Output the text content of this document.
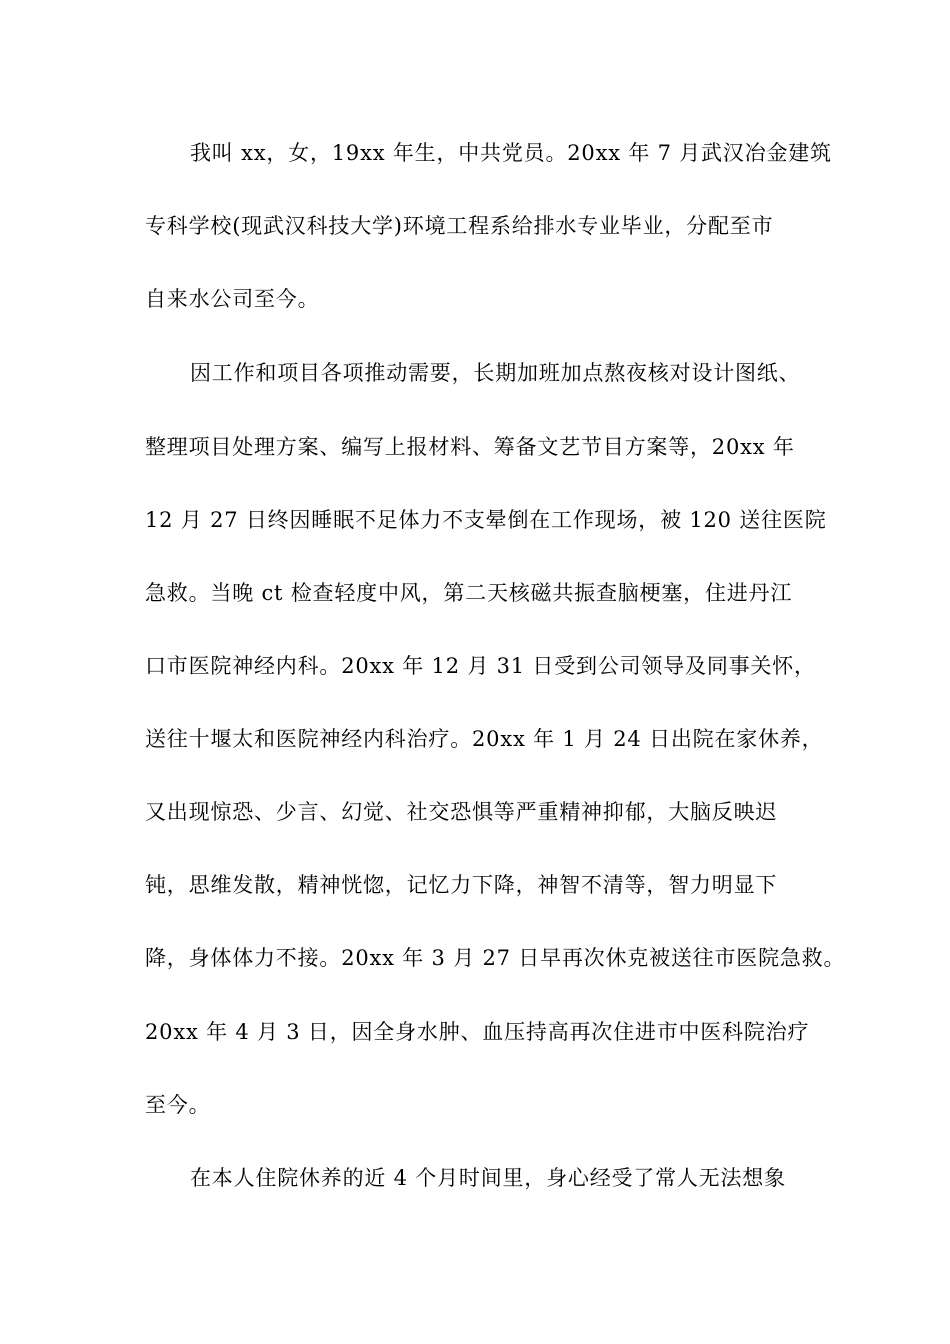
我叫 xx，女，19xx 年生，中共党员。20xx 年 7 月武汉冶金建筑
专科学校(现武汉科技大学)环境工程系给排水专业毕业，分配至市
自来水公司至今。
因工作和项目各项推动需要，长期加班加点熬夜核对设计图纸、
整理项目处理方案、编写上报材料、筹备文艺节目方案等，20xx 年
12 月 27 日终因睡眠不足体力不支晕倒在工作现场，被 120 送往医院
急救。当晚 ct 检查轻度中风，第二天核磁共振查脑梗塞，住进丹江
口市医院神经内科。20xx 年 12 月 31 日受到公司领导及同事关怀，
送往十堰太和医院神经内科治疗。20xx 年 1 月 24 日出院在家休养，
又出现惊恐、少言、幻觉、社交恐惧等严重精神抑郁，大脑反映迟
钝，思维发散，精神恍惚，记忆力下降，神智不清等，智力明显下
降，身体体力不接。20xx 年 3 月 27 日早再次休克被送往市医院急救。
20xx 年 4 月 3 日，因全身水肿、血压持高再次住进市中医科院治疗
至今。
在本人住院休养的近 4 个月时间里，身心经受了常人无法想象
